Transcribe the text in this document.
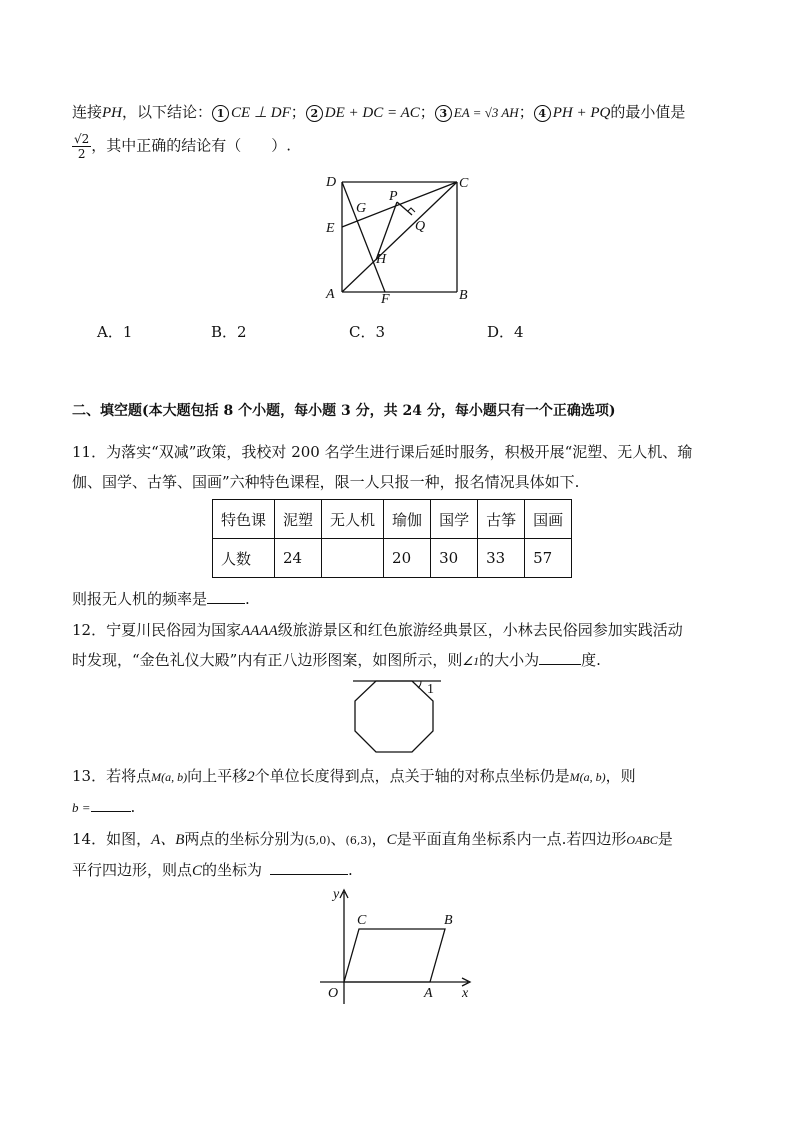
连接PH，以下结论： 1 CE ⊥ DF； 2 DE + DC = AC； 3 EA = √3 AH； 4 PH + PQ的最小值是
$\frac{√2}{2}$ ，其中正确的结论有（　　）.
D	C
G
P
Q
E
H
A	F	B
A．1	B．2	C．3	D．4
二、填空题(本大题包括 8 个小题，每小题 3 分，共 24 分，每小题只有一个正确选项)
11．为落实“双减”政策，我校对 200 名学生进行课后延时服务，积极开展“泥塑、无人机、瑜
伽、国学、古筝、国画”六种特色课程，限一人只报一种，报名情况具体如下.
特色课	泥塑	无人机	瑜伽	国学	古筝	国画
人数	24		20	30	33	57
则报无人机的频率是	.
12．宁夏川民俗园为国家AAAA级旅游景区和红色旅游经典景区，小林去民俗园参加实践活动
时发现，“金色礼仪大殿”内有正八边形图案，如图所示，则∠1的大小为	度.
1
13．若将点M(a, b)向上平移2个单位长度得到点，点关于轴的对称点坐标仍是M(a, b)，则
b =	.
14．如图，A、B两点的坐标分别为(5,0)、(6,3)，C是平面直角坐标系内一点.若四边形OABC是
平行四边形，则点C的坐标为	.
y
x
O	A
B
C
